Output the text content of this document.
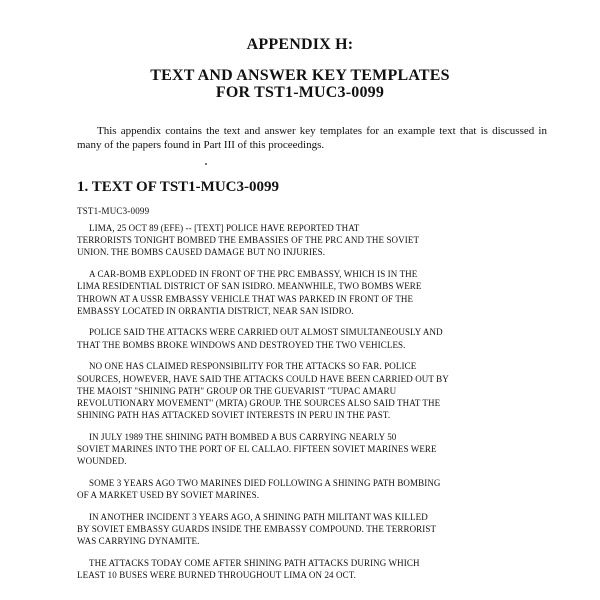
APPENDIX H:
TEXT AND ANSWER KEY TEMPLATES
FOR TST1-MUC3-0099
This appendix contains the text and answer key templates for an example text that is discussed in many of the papers found in Part III of this proceedings.
1. TEXT OF TST1-MUC3-0099
TST1-MUC3-0099
LIMA, 25 OCT 89 (EFE) -- [TEXT] POLICE HAVE REPORTED THAT
TERRORISTS TONIGHT BOMBED THE EMBASSIES OF THE PRC AND THE SOVIET
UNION. THE BOMBS CAUSED DAMAGE BUT NO INJURIES.
A CAR-BOMB EXPLODED IN FRONT OF THE PRC EMBASSY, WHICH IS IN THE
LIMA RESIDENTIAL DISTRICT OF SAN ISIDRO. MEANWHILE, TWO BOMBS WERE
THROWN AT A USSR EMBASSY VEHICLE THAT WAS PARKED IN FRONT OF THE
EMBASSY LOCATED IN ORRANTIA DISTRICT, NEAR SAN ISIDRO.
POLICE SAID THE ATTACKS WERE CARRIED OUT ALMOST SIMULTANEOUSLY AND
THAT THE BOMBS BROKE WINDOWS AND DESTROYED THE TWO VEHICLES.
NO ONE HAS CLAIMED RESPONSIBILITY FOR THE ATTACKS SO FAR. POLICE
SOURCES, HOWEVER, HAVE SAID THE ATTACKS COULD HAVE BEEN CARRIED OUT BY
THE MAOIST "SHINING PATH" GROUP OR THE GUEVARIST "TUPAC AMARU
REVOLUTIONARY MOVEMENT" (MRTA) GROUP. THE SOURCES ALSO SAID THAT THE
SHINING PATH HAS ATTACKED SOVIET INTERESTS IN PERU IN THE PAST.
IN JULY 1989 THE SHINING PATH BOMBED A BUS CARRYING NEARLY 50
SOVIET MARINES INTO THE PORT OF EL CALLAO. FIFTEEN SOVIET MARINES WERE
WOUNDED.
SOME 3 YEARS AGO TWO MARINES DIED FOLLOWING A SHINING PATH BOMBING
OF A MARKET USED BY SOVIET MARINES.
IN ANOTHER INCIDENT 3 YEARS AGO, A SHINING PATH MILITANT WAS KILLED
BY SOVIET EMBASSY GUARDS INSIDE THE EMBASSY COMPOUND. THE TERRORIST
WAS CARRYING DYNAMITE.
THE ATTACKS TODAY COME AFTER SHINING PATH ATTACKS DURING WHICH
LEAST 10 BUSES WERE BURNED THROUGHOUT LIMA ON 24 OCT.
